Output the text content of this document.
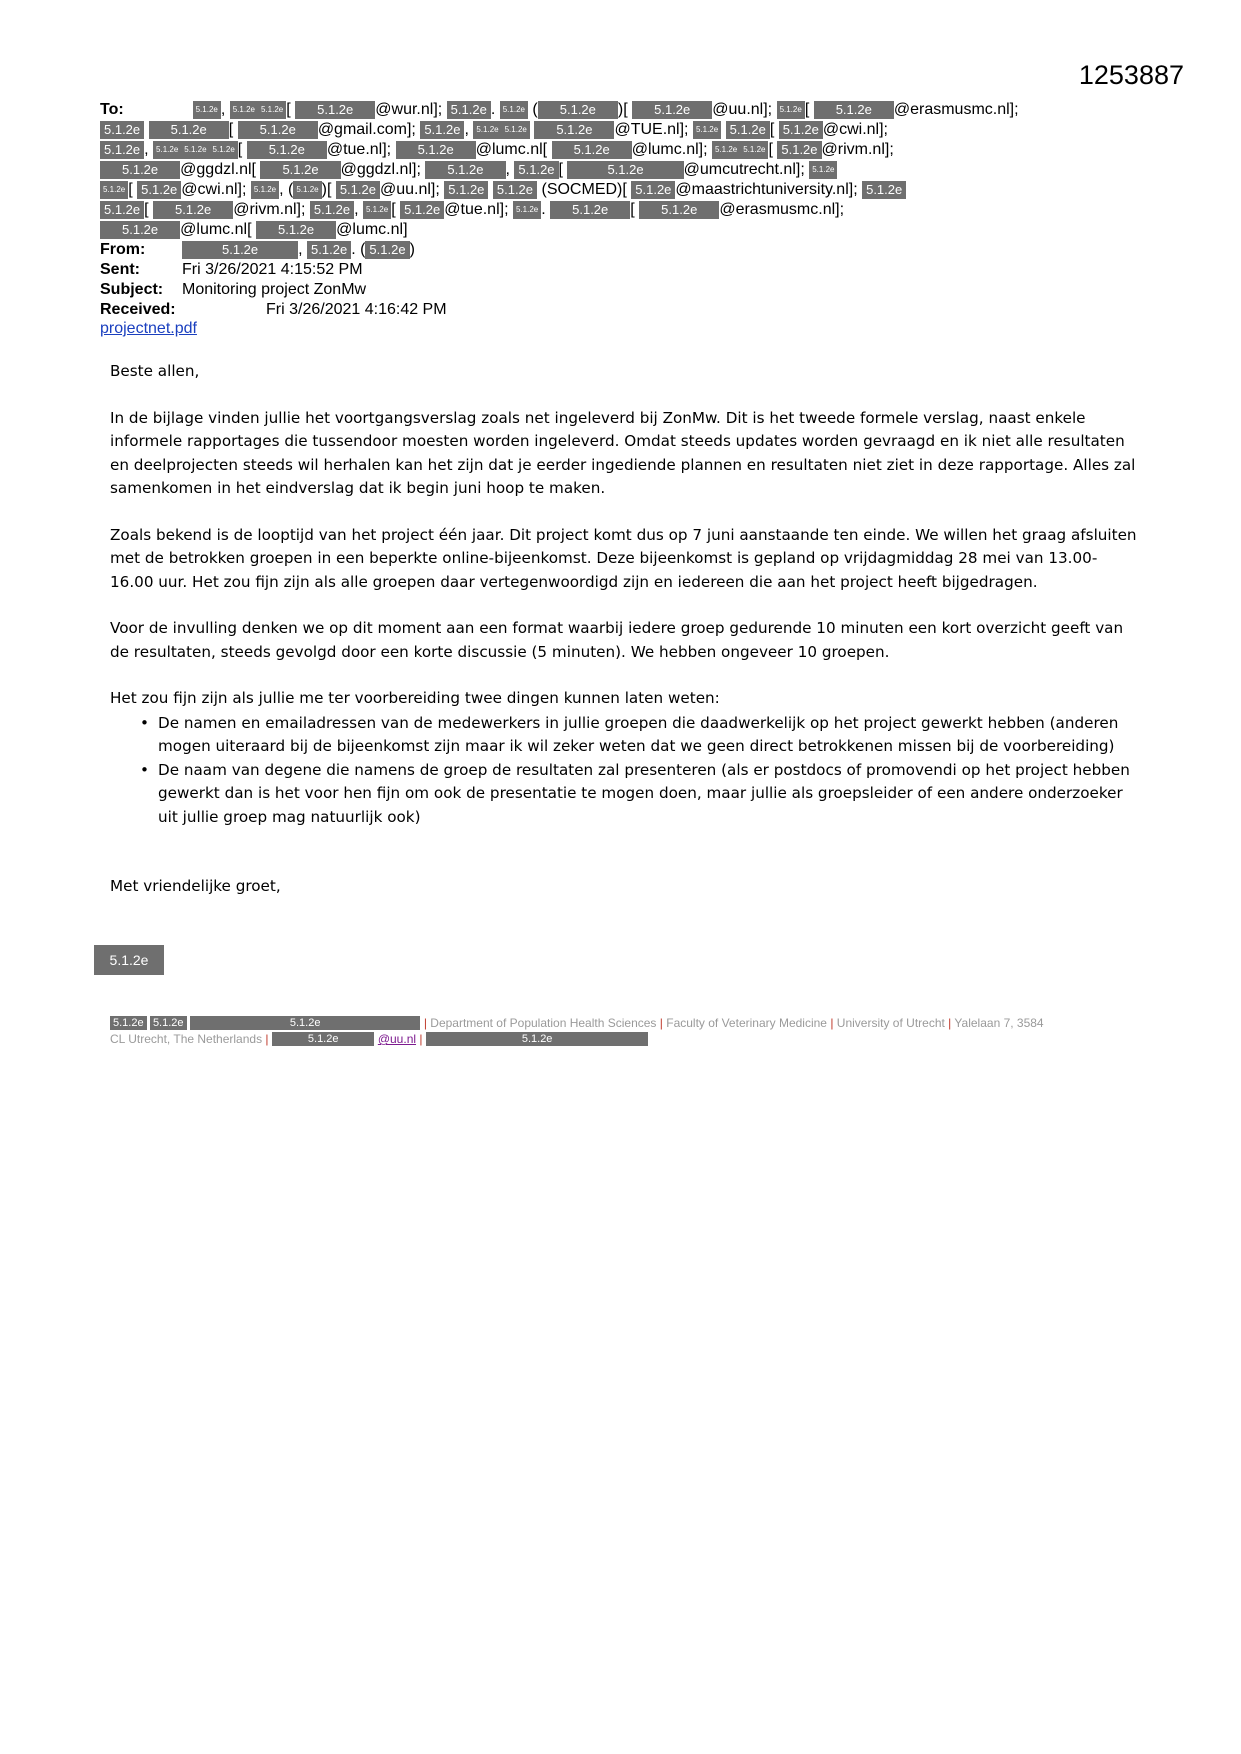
1253887
To:	5.1.2e , 5.1.2e 5.1.2e [ 5.1.2e @wur.nl]; 5.1.2e . 5.1.2e ( 5.1.2e )[ 5.1.2e @uu.nl]; 5.1.2e [ 5.1.2e @erasmusmc.nl];
5.1.2e 5.1.2e [ 5.1.2e @gmail.com]; 5.1.2e , 5.1.2e 5.1.2e 5.1.2e @TUE.nl]; 5.1.2e 5.1.2e [ 5.1.2e @cwi.nl];
5.1.2e , 5.1.2e 5.1.2e 5.1.2e [ 5.1.2e @tue.nl]; 5.1.2e @lumc.nl[ 5.1.2e @lumc.nl]; 5.1.2e 5.1.2e [ 5.1.2e @rivm.nl];
5.1.2e @ggdzl.nl[ 5.1.2e @ggdzl.nl]; 5.1.2e , 5.1.2e [	5.1.2e	@umcutrecht.nl]; 5.1.2e
5.1.2e [ 5.1.2e @cwi.nl]; 5.1.2e , ( 5.1.2e )[ 5.1.2e @uu.nl]; 5.1.2e 5.1.2e (SOCMED)[ 5.1.2e @maastrichtuniversity.nl]; 5.1.2e
5.1.2e [ 5.1.2e @rivm.nl]; 5.1.2e , 5.1.2e [ 5.1.2e @tue.nl]; 5.1.2e . 5.1.2e [ 5.1.2e @erasmusmc.nl];
5.1.2e @lumc.nl[ 5.1.2e @lumc.nl]
From:	5.1.2e	, 5.1.2e . ( 5.1.2e )
Sent:	Fri 3/26/2021 4:15:52 PM
Subject: Monitoring project ZonMw
Received:	Fri 3/26/2021 4:16:42 PM
projectnet.pdf

Beste allen,

In de bijlage vinden jullie het voortgangsverslag zoals net ingeleverd bij ZonMw. Dit is het tweede formele verslag, naast enkele informele rapportages die tussendoor moesten worden ingeleverd. Omdat steeds updates worden gevraagd en ik niet alle resultaten en deelprojecten steeds wil herhalen kan het zijn dat je eerder ingediende plannen en resultaten niet ziet in deze rapportage. Alles zal samenkomen in het eindverslag dat ik begin juni hoop te maken.

Zoals bekend is de looptijd van het project één jaar. Dit project komt dus op 7 juni aanstaande ten einde. We willen het graag afsluiten met de betrokken groepen in een beperkte online-bijeenkomst. Deze bijeenkomst is gepland op vrijdagmiddag 28 mei van 13.00-16.00 uur. Het zou fijn zijn als alle groepen daar vertegenwoordigd zijn en iedereen die aan het project heeft bijgedragen.

Voor de invulling denken we op dit moment aan een format waarbij iedere groep gedurende 10 minuten een kort overzicht geeft van de resultaten, steeds gevolgd door een korte discussie (5 minuten). We hebben ongeveer 10 groepen.

Het zou fijn zijn als jullie me ter voorbereiding twee dingen kunnen laten weten:

• De namen en emailadressen van de medewerkers in jullie groepen die daadwerkelijk op het project gewerkt hebben (anderen mogen uiteraard bij de bijeenkomst zijn maar ik wil zeker weten dat we geen direct betrokkenen missen bij de voorbereiding)
• De naam van degene die namens de groep de resultaten zal presenteren (als er postdocs of promovendi op het project hebben gewerkt dan is het voor hen fijn om ook de presentatie te mogen doen, maar jullie als groepsleider of een andere onderzoeker uit jullie groep mag natuurlijk ook)

Met vriendelijke groet,

5.1.2e
5.1.2e 5.1.2e	5.1.2e	| Department of Population Health Sciences | Faculty of Veterinary Medicine | University of Utrecht | Yalelaan 7, 3584
CL Utrecht, The Netherlands |	5.1.2e	@uu.nl |	5.1.2e
